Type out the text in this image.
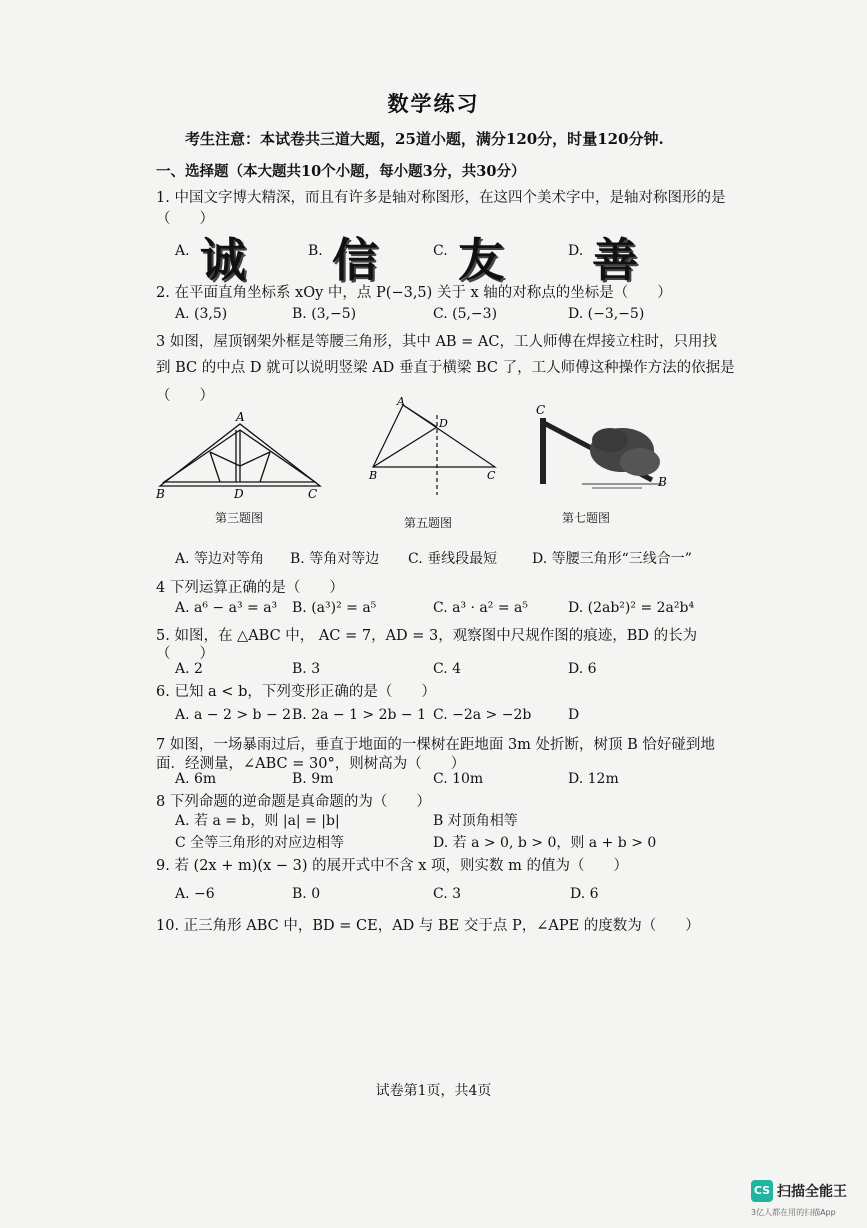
数学练习
考生注意：本试卷共三道大题，25道小题，满分120分，时量120分钟.
一、选择题（本大题共10个小题，每小题3分，共30分）
1. 中国文字博大精深，而且有许多是轴对称图形，在这四个美术字中，是轴对称图形的是
（　　）
A. 诚	B. 信	C. 友	D. 善
2. 在平面直角坐标系 xOy 中，点 P(−3,5) 关于 x 轴的对称点的坐标是（　　）
A. (3,5)	B. (3,−5)	C. (5,−3)	D. (−3,−5)
3 如图，屋顶钢架外框是等腰三角形，其中 AB = AC，工人师傅在焊接立柱时，只用找
到 BC 的中点 D 就可以说明竖梁 AD 垂直于横梁 BC 了，工人师傅这种操作方法的依据是
（　　）
A
B	D	C
第三题图
A
D
B	C
第五题图
C
B
第七题图
A. 等边对等角 B. 等角对等边 C. 垂线段最短 D. 等腰三角形“三线合一”
4 下列运算正确的是（　　）
A. a⁶ − a³ = a³ B. (a³)² = a⁵	C. a³ · a² = a⁵	D. (2ab²)² = 2a²b⁴
5. 如图，在 △ABC 中， AC = 7，AD = 3，观察图中尺规作图的痕迹，BD 的长为
（　　）
A. 2	B. 3	C. 4	D. 6
6. 已知 a < b，下列变形正确的是（　　）
A. a − 2 > b − 2 B. 2a − 1 > 2b − 1 C. −2a > −2b	D
7 如图，一场暴雨过后，垂直于地面的一棵树在距地面 3m 处折断，树顶 B 恰好碰到地
面．经测量，∠ABC = 30°，则树高为（　　）
A. 6m	B. 9m	C. 10m	D. 12m
8 下列命题的逆命题是真命题的为（　　）
A. 若 a = b，则 |a| = |b|	B 对顶角相等
C 全等三角形的对应边相等	D. 若 a > 0, b > 0，则 a + b > 0
9. 若 (2x + m)(x − 3) 的展开式中不含 x 项，则实数 m 的值为（　　）
A. −6	B. 0	C. 3	D. 6
10. 正三角形 ABC 中，BD = CE，AD 与 BE 交于点 P，∠APE 的度数为（　　）
试卷第1页，共4页
CS 扫描全能王
3亿人都在用的扫描App
